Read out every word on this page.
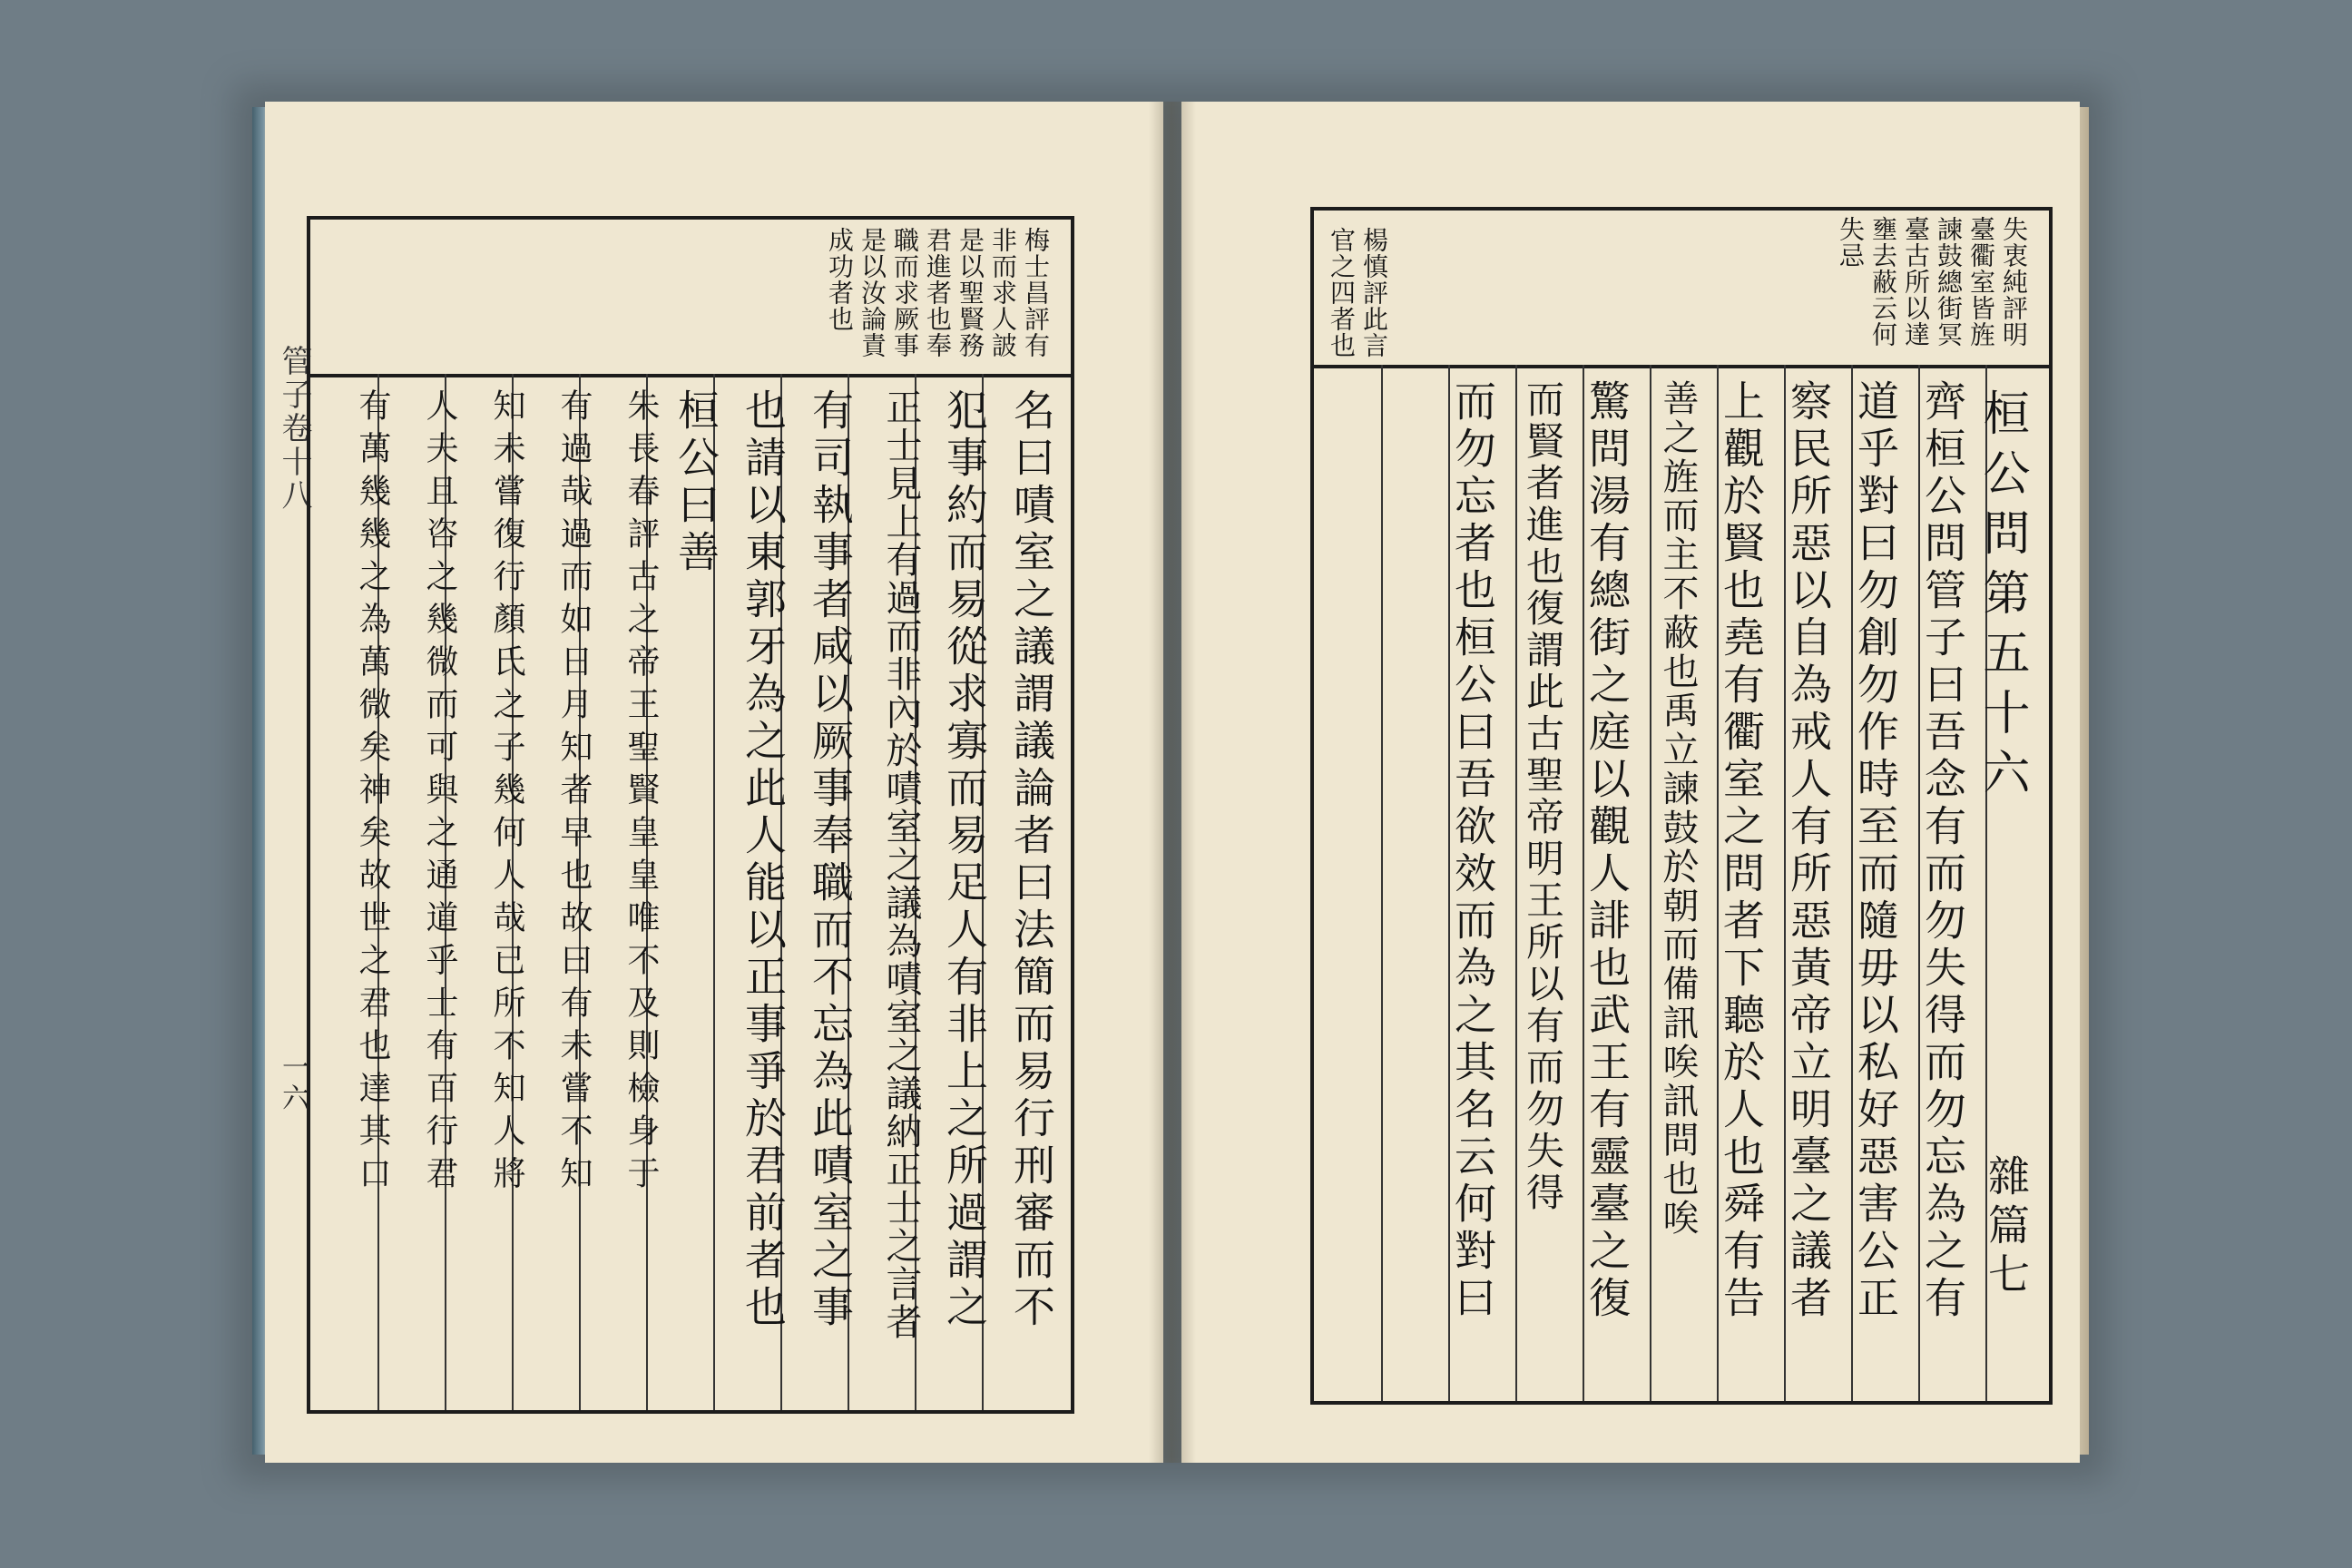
管子卷十八
梅士昌評有
非而求人詖
是以聖賢務
君進者也奉
職而求厥事
是以汝論責
成功者也
名曰嘖室之議謂議論者曰法簡而易行刑審而不
犯事約而易從求寡而易足人有非上之所過謂之
正士見上有過而非內於嘖室之議為嘖室之議納正士之言者
有司執事者咸以厥事奉職而不忘為此嘖室之事
也請以東郭牙為之此人能以正事爭於君前者也
桓公曰善
朱長春評古之帝王聖賢皇皇唯不及則檢身于
有過哉過而如日月知者早也故曰有未嘗不知
知未嘗復行顏氏之子幾何人哉已所不知人將
人夫且咨之幾微而可與之通道乎士有百行君
有萬幾幾之為萬微矣神矣故世之君也達其口
一六
失衷純評明
臺衢室皆旌
諫鼓總街冥
臺古所以達
壅去蔽云何
失忌
楊慎評此言
官之四者也
桓公問第五十六
雜篇七
齊桓公問管子曰吾念有而勿失得而勿忘為之有
道乎對曰勿創勿作時至而隨毋以私好惡害公正
察民所惡以自為戒人有所惡黃帝立明臺之議者
上觀於賢也堯有衢室之問者下聽於人也舜有告
善之旌而主不蔽也禹立諫鼓於朝而備訊唉訊問也唉
驚問湯有總街之庭以觀人誹也武王有靈臺之復
而賢者進也復謂此古聖帝明王所以有而勿失得
而勿忘者也桓公曰吾欲效而為之其名云何對曰
